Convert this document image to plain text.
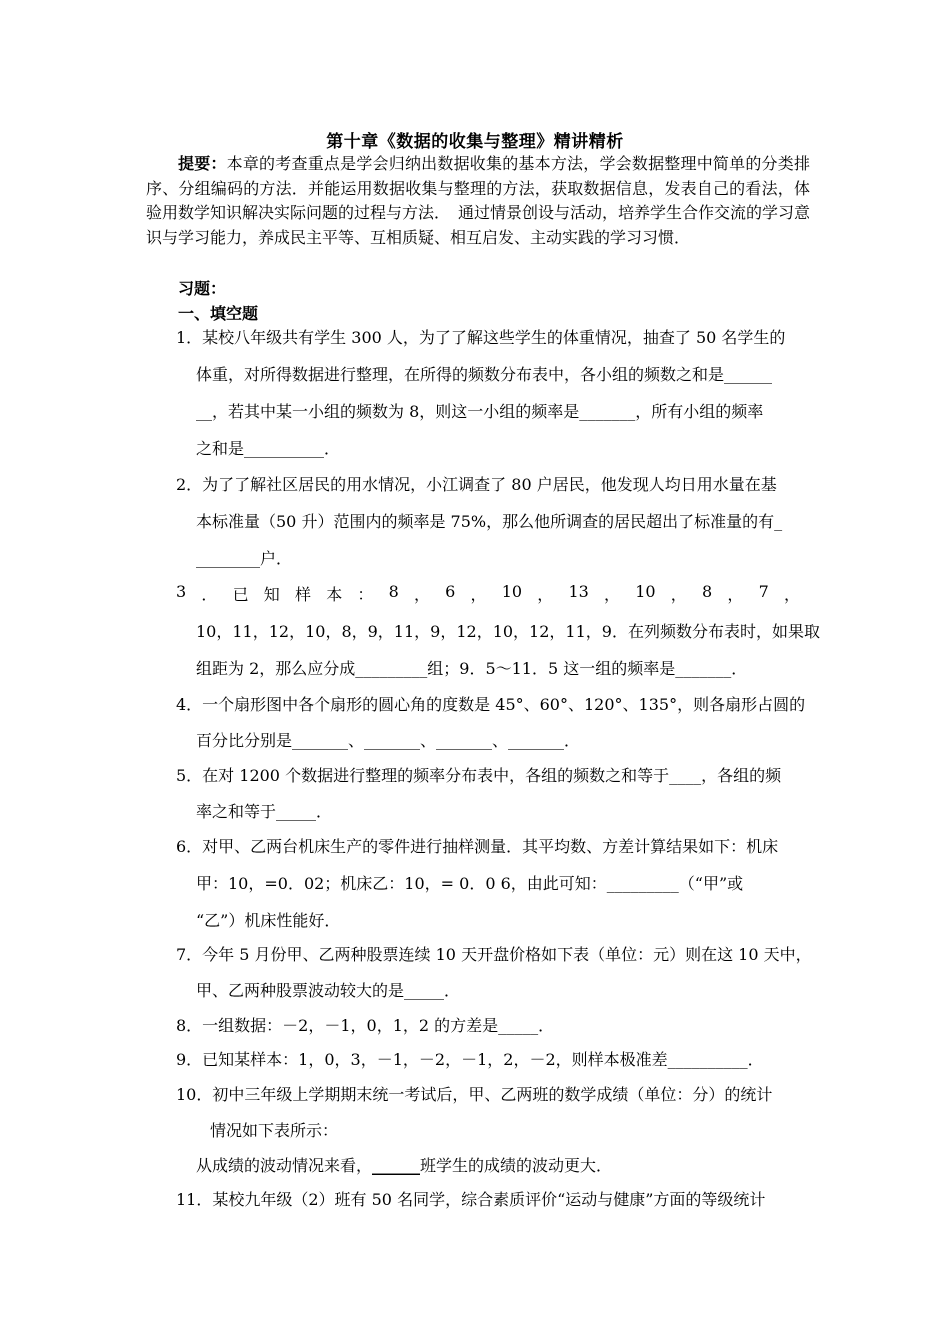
第十章《数据的收集与整理》精讲精析
提要：本章的考查重点是学会归纳出数据收集的基本方法，学会数据整理中简单的分类排序、分组编码的方法．并能运用数据收集与整理的方法，获取数据信息，发表自己的看法，体验用数学知识解决实际问题的过程与方法．　通过情景创设与活动，培养学生合作交流的学习意识与学习能力，养成民主平等、互相质疑、相互启发、主动实践的学习习惯．
习题：
一、填空题
1．某校八年级共有学生 300 人，为了了解这些学生的体重情况，抽查了 50 名学生的
体重，对所得数据进行整理，在所得的频数分布表中，各小组的频数之和是______
__，若其中某一小组的频数为 8，则这一小组的频率是_______，所有小组的频率
之和是__________．
2．为了了解社区居民的用水情况，小江调查了 80 户居民，他发现人均日用水量在基
本标准量（50 升）范围内的频率是 75%，那么他所调查的居民超出了标准量的有_
________户．
3 ． 已 知 样 本 ： 8 ， 6 ， 10 ， 13 ， 10 ， 8 ， 7 ，
10，11，12，10，8，9，11，9，12，10，12，11，9．在列频数分布表时，如果取
组距为 2，那么应分成_________组；9．5～11．5 这一组的频率是_______．
4．一个扇形图中各个扇形的圆心角的度数是 45°、60°、120°、135°，则各扇形占圆的
百分比分别是_______、_______、_______、_______．
5．在对 1200 个数据进行整理的频率分布表中，各组的频数之和等于____，各组的频
率之和等于_____．
6．对甲、乙两台机床生产的零件进行抽样测量．其平均数、方差计算结果如下：机床
甲：10，=0．02；机床乙：10，= 0．0 6，由此可知：_________（“甲”或
“乙”）机床性能好．
7．今年 5 月份甲、乙两种股票连续 10 天开盘价格如下表（单位：元）则在这 10 天中，
甲、乙两种股票波动较大的是_____．
8．一组数据：－2，－1，0，1，2 的方差是_____．
9．已知某样本：1，0，3，－1，－2，－1，2，－2，则样本极准差__________．
10．初中三年级上学期期末统一考试后，甲、乙两班的数学成绩（单位：分）的统计
情况如下表所示：
从成绩的波动情况来看，______班学生的成绩的波动更大．
11．某校九年级（2）班有 50 名同学，综合素质评价“运动与健康”方面的等级统计
